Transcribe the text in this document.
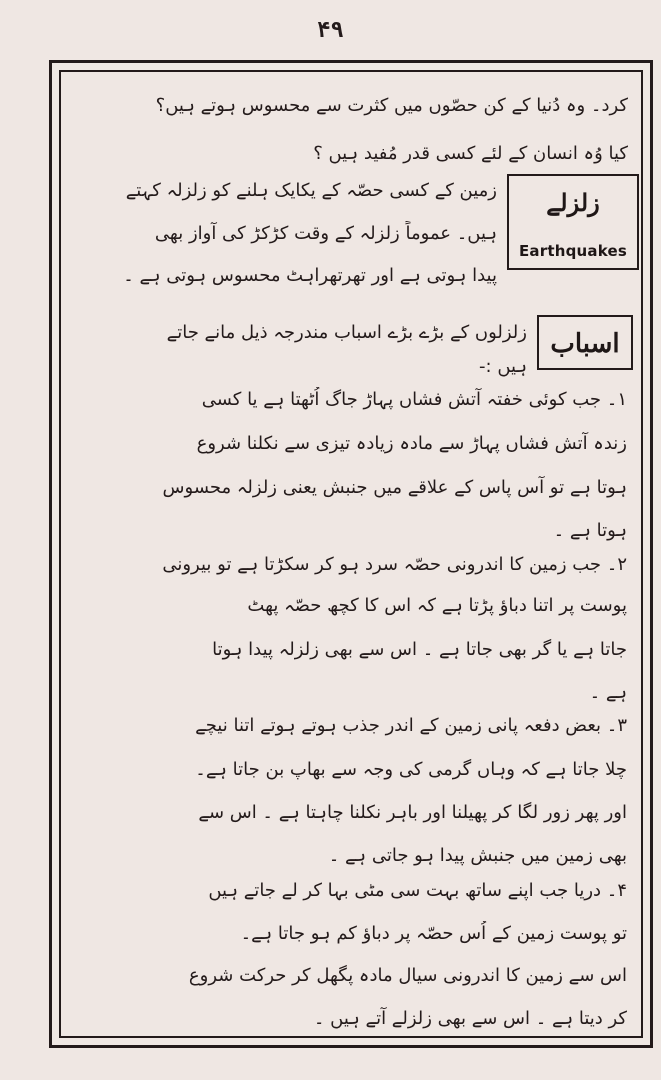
۴۹
کرد۔ وہ دُنیا کے کن حصّوں میں کثرت سے محسوس ہوتے ہیں؟
کیا وُہ انسان کے لئے کسی قدر مُفید ہیں ؟
زلزلے
Earthquakes
زمین کے کسی حصّہ کے یکایک ہلنے کو زلزلہ کہتے
ہیں۔ عموماً زلزلہ کے وقت کڑکڑ کی آواز بھی
پیدا ہوتی ہے اور تھرتھراہٹ محسوس ہوتی ہے ۔
اسباب
زلزلوں کے بڑے بڑے اسباب مندرجہ ذیل مانے جاتے
ہیں :-
۱۔ جب کوئی خفتہ آتش فشاں پہاڑ جاگ اُٹھتا ہے یا کسی
زندہ آتش فشاں پہاڑ سے مادہ زیادہ تیزی سے نکلنا شروع
ہوتا ہے تو آس پاس کے علاقے میں جنبش یعنی زلزلہ محسوس
ہوتا ہے ۔
۲۔ جب زمین کا اندرونی حصّہ سرد ہو کر سکڑتا ہے تو بیرونی
پوست پر اتنا دباؤ پڑتا ہے کہ اس کا کچھ حصّہ پھٹ
جاتا ہے یا گر بھی جاتا ہے ۔ اس سے بھی زلزلہ پیدا ہوتا
ہے ۔
۳۔ بعض دفعہ پانی زمین کے اندر جذب ہوتے ہوتے اتنا نیچے
چلا جاتا ہے کہ وہاں گرمی کی وجہ سے بھاپ بن جاتا ہے۔
اور پھر زور لگا کر پھیلنا اور باہر نکلنا چاہتا ہے ۔ اس سے
بھی زمین میں جنبش پیدا ہو جاتی ہے ۔
۴۔ دریا جب اپنے ساتھ بہت سی مٹی بہا کر لے جاتے ہیں
تو پوست زمین کے اُس حصّہ پر دباؤ کم ہو جاتا ہے۔
اس سے زمین کا اندرونی سیال مادہ پگھل کر حرکت شروع
کر دیتا ہے ۔ اس سے بھی زلزلے آتے ہیں ۔
